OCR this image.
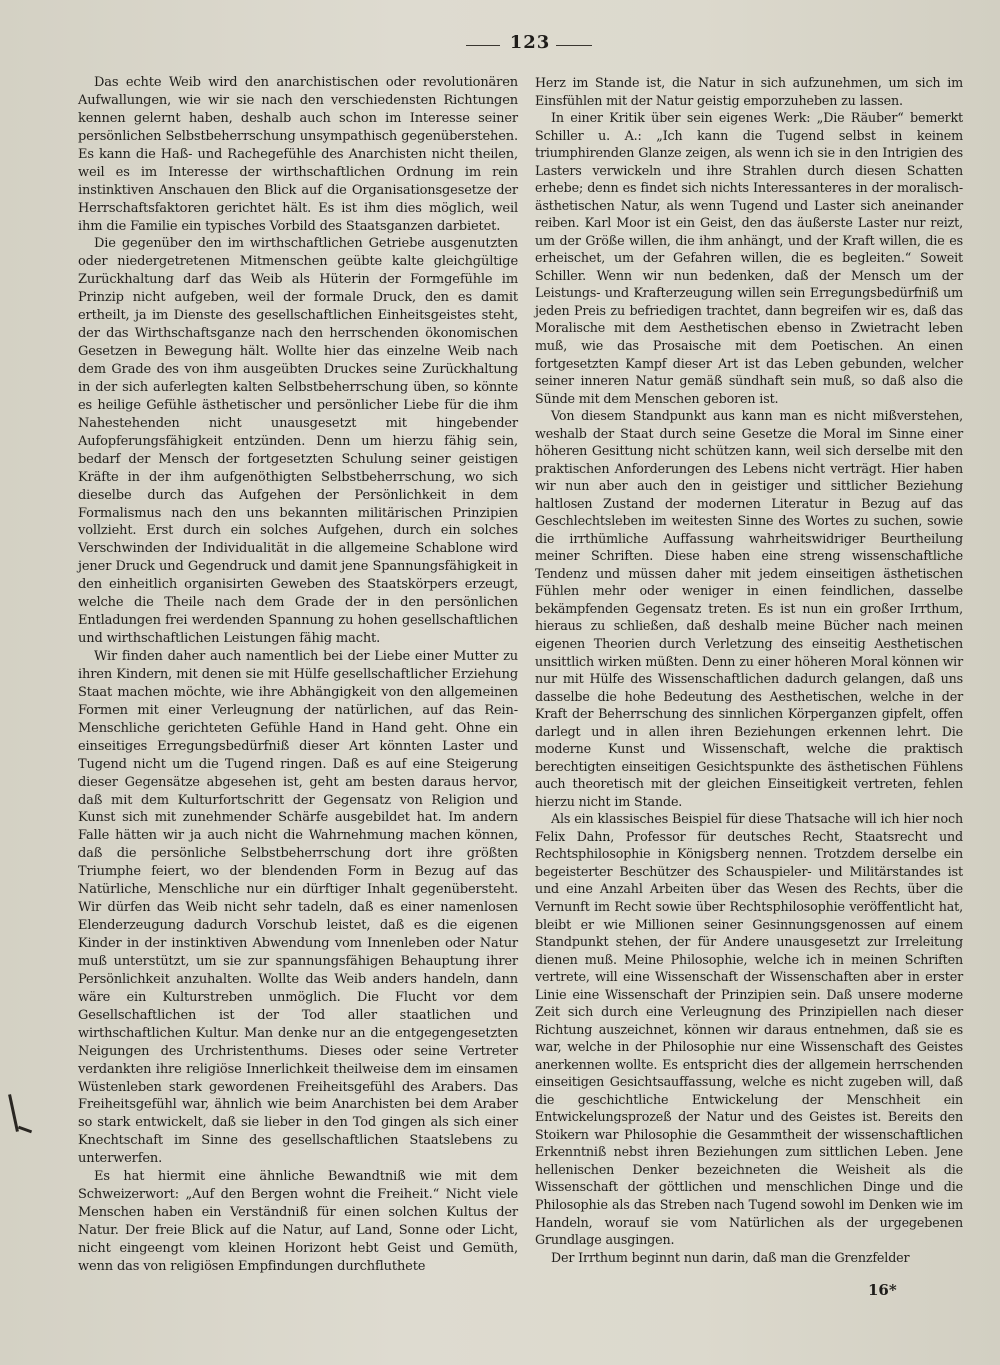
123

Das echte Weib wird den anarchistischen oder revolutionären Aufwallungen, wie wir sie nach den verschiedensten Richtungen kennen gelernt haben, deshalb auch schon im Interesse seiner persönlichen Selbstbeherrschung unsympathisch gegenüberstehen. Es kann die Haß- und Rachegefühle des Anarchisten nicht theilen, weil es im Interesse der wirthschaftlichen Ordnung im rein instinktiven Anschauen den Blick auf die Organisationsgesetze der Herrschaftsfaktoren gerichtet hält. Es ist ihm dies möglich, weil ihm die Familie ein typisches Vorbild des Staatsganzen darbietet.

Die gegenüber den im wirthschaftlichen Getriebe ausgenutzten oder niedergetretenen Mitmenschen geübte kalte gleichgültige Zurückhaltung darf das Weib als Hüterin der Formgefühle im Prinzip nicht aufgeben, weil der formale Druck, den es damit ertheilt, ja im Dienste des gesellschaftlichen Einheitsgeistes steht, der das Wirthschaftsganze nach den herrschenden ökonomischen Gesetzen in Bewegung hält. Wollte hier das einzelne Weib nach dem Grade des von ihm ausgeübten Druckes seine Zurückhaltung in der sich auferlegten kalten Selbstbeherrschung üben, so könnte es heilige Gefühle ästhetischer und persönlicher Liebe für die ihm Nahestehenden nicht unausgesetzt mit hingebender Aufopferungsfähigkeit entzünden. Denn um hierzu fähig sein, bedarf der Mensch der fortgesetzten Schulung seiner geistigen Kräfte in der ihm aufgenöthigten Selbstbeherrschung, wo sich dieselbe durch das Aufgehen der Persönlichkeit in dem Formalismus nach den uns bekannten militärischen Prinzipien vollzieht. Erst durch ein solches Aufgehen, durch ein solches Verschwinden der Individualität in die allgemeine Schablone wird jener Druck und Gegendruck und damit jene Spannungsfähigkeit in den einheitlich organisirten Geweben des Staatskörpers erzeugt, welche die Theile nach dem Grade der in den persönlichen Entladungen frei werdenden Spannung zu hohen gesellschaftlichen und wirthschaftlichen Leistungen fähig macht.

Wir finden daher auch namentlich bei der Liebe einer Mutter zu ihren Kindern, mit denen sie mit Hülfe gesellschaftlicher Erziehung Staat machen möchte, wie ihre Abhängigkeit von den allgemeinen Formen mit einer Verleugnung der natürlichen, auf das Rein-Menschliche gerichteten Gefühle Hand in Hand geht. Ohne ein einseitiges Erregungsbedürfniß dieser Art könnten Laster und Tugend nicht um die Tugend ringen. Daß es auf eine Steigerung dieser Gegensätze abgesehen ist, geht am besten daraus hervor, daß mit dem Kulturfortschritt der Gegensatz von Religion und Kunst sich mit zunehmender Schärfe ausgebildet hat. Im andern Falle hätten wir ja auch nicht die Wahrnehmung machen können, daß die persönliche Selbstbeherrschung dort ihre größten Triumphe feiert, wo der blendenden Form in Bezug auf das Natürliche, Menschliche nur ein dürftiger Inhalt gegenübersteht. Wir dürfen das Weib nicht sehr tadeln, daß es einer namenlosen Elenderzeugung dadurch Vorschub leistet, daß es die eigenen Kinder in der instinktiven Abwendung vom Innenleben oder Natur muß unterstützt, um sie zur spannungsfähigen Behauptung ihrer Persönlichkeit anzuhalten. Wollte das Weib anders handeln, dann wäre ein Kulturstreben unmöglich. Die Flucht vor dem Gesellschaftlichen ist der Tod aller staatlichen und wirthschaftlichen Kultur. Man denke nur an die entgegengesetzten Neigungen des Urchristenthums. Dieses oder seine Vertreter verdankten ihre religiöse Innerlichkeit theilweise dem im einsamen Wüstenleben stark gewordenen Freiheitsgefühl des Arabers. Das Freiheitsgefühl war, ähnlich wie beim Anarchisten bei dem Araber so stark entwickelt, daß sie lieber in den Tod gingen als sich einer Knechtschaft im Sinne des gesellschaftlichen Staatslebens zu unterwerfen.

Es hat hiermit eine ähnliche Bewandtniß wie mit dem Schweizerwort: „Auf den Bergen wohnt die Freiheit.“ Nicht viele Menschen haben ein Verständniß für einen solchen Kultus der Natur. Der freie Blick auf die Natur, auf Land, Sonne oder Licht, nicht eingeengt vom kleinen Horizont hebt Geist und Gemüth, wenn das von religiösen Empfindungen durchfluthete

Herz im Stande ist, die Natur in sich aufzunehmen, um sich im Einsfühlen mit der Natur geistig emporzuheben zu lassen.

In einer Kritik über sein eigenes Werk: „Die Räuber“ bemerkt Schiller u. A.: „Ich kann die Tugend selbst in keinem triumphirenden Glanze zeigen, als wenn ich sie in den Intrigien des Lasters verwickeln und ihre Strahlen durch diesen Schatten erhebe; denn es findet sich nichts Interessanteres in der moralisch-ästhetischen Natur, als wenn Tugend und Laster sich aneinander reiben. Karl Moor ist ein Geist, den das äußerste Laster nur reizt, um der Größe willen, die ihm anhängt, und der Kraft willen, die es erheischet, um der Gefahren willen, die es begleiten.“ Soweit Schiller. Wenn wir nun bedenken, daß der Mensch um der Leistungs- und Krafterzeugung willen sein Erregungsbedürfniß um jeden Preis zu befriedigen trachtet, dann begreifen wir es, daß das Moralische mit dem Aesthetischen ebenso in Zwietracht leben muß, wie das Prosaische mit dem Poetischen. An einen fortgesetzten Kampf dieser Art ist das Leben gebunden, welcher seiner inneren Natur gemäß sündhaft sein muß, so daß also die Sünde mit dem Menschen geboren ist.

Von diesem Standpunkt aus kann man es nicht mißverstehen, weshalb der Staat durch seine Gesetze die Moral im Sinne einer höheren Gesittung nicht schützen kann, weil sich derselbe mit den praktischen Anforderungen des Lebens nicht verträgt. Hier haben wir nun aber auch den in geistiger und sittlicher Beziehung haltlosen Zustand der modernen Literatur in Bezug auf das Geschlechtsleben im weitesten Sinne des Wortes zu suchen, sowie die irrthümliche Auffassung wahrheitswidriger Beurtheilung meiner Schriften. Diese haben eine streng wissenschaftliche Tendenz und müssen daher mit jedem einseitigen ästhetischen Fühlen mehr oder weniger in einen feindlichen, dasselbe bekämpfenden Gegensatz treten. Es ist nun ein großer Irrthum, hieraus zu schließen, daß deshalb meine Bücher nach meinen eigenen Theorien durch Verletzung des einseitig Aesthetischen unsittlich wirken müßten. Denn zu einer höheren Moral können wir nur mit Hülfe des Wissenschaftlichen dadurch gelangen, daß uns dasselbe die hohe Bedeutung des Aesthetischen, welche in der Kraft der Beherrschung des sinnlichen Körperganzen gipfelt, offen darlegt und in allen ihren Beziehungen erkennen lehrt. Die moderne Kunst und Wissenschaft, welche die praktisch berechtigten einseitigen Gesichtspunkte des ästhetischen Fühlens auch theoretisch mit der gleichen Einseitigkeit vertreten, fehlen hierzu nicht im Stande.

Als ein klassisches Beispiel für diese Thatsache will ich hier noch Felix Dahn, Professor für deutsches Recht, Staatsrecht und Rechtsphilosophie in Königsberg nennen. Trotzdem derselbe ein begeisterter Beschützer des Schauspieler- und Militärstandes ist und eine Anzahl Arbeiten über das Wesen des Rechts, über die Vernunft im Recht sowie über Rechtsphilosophie veröffentlicht hat, bleibt er wie Millionen seiner Gesinnungsgenossen auf einem Standpunkt stehen, der für Andere unausgesetzt zur Irreleitung dienen muß. Meine Philosophie, welche ich in meinen Schriften vertrete, will eine Wissenschaft der Wissenschaften aber in erster Linie eine Wissenschaft der Prinzipien sein. Daß unsere moderne Zeit sich durch eine Verleugnung des Prinzipiellen nach dieser Richtung auszeichnet, können wir daraus entnehmen, daß sie es war, welche in der Philosophie nur eine Wissenschaft des Geistes anerkennen wollte. Es entspricht dies der allgemein herrschenden einseitigen Gesichtsauffassung, welche es nicht zugeben will, daß die geschichtliche Entwickelung der Menschheit ein Entwickelungsprozeß der Natur und des Geistes ist. Bereits den Stoikern war Philosophie die Gesammtheit der wissenschaftlichen Erkenntniß nebst ihren Beziehungen zum sittlichen Leben. Jene hellenischen Denker bezeichneten die Weisheit als die Wissenschaft der göttlichen und menschlichen Dinge und die Philosophie als das Streben nach Tugend sowohl im Denken wie im Handeln, worauf sie vom Natürlichen als der urgegebenen Grundlage ausgingen.

Der Irrthum beginnt nun darin, daß man die Grenzfelder

16*
